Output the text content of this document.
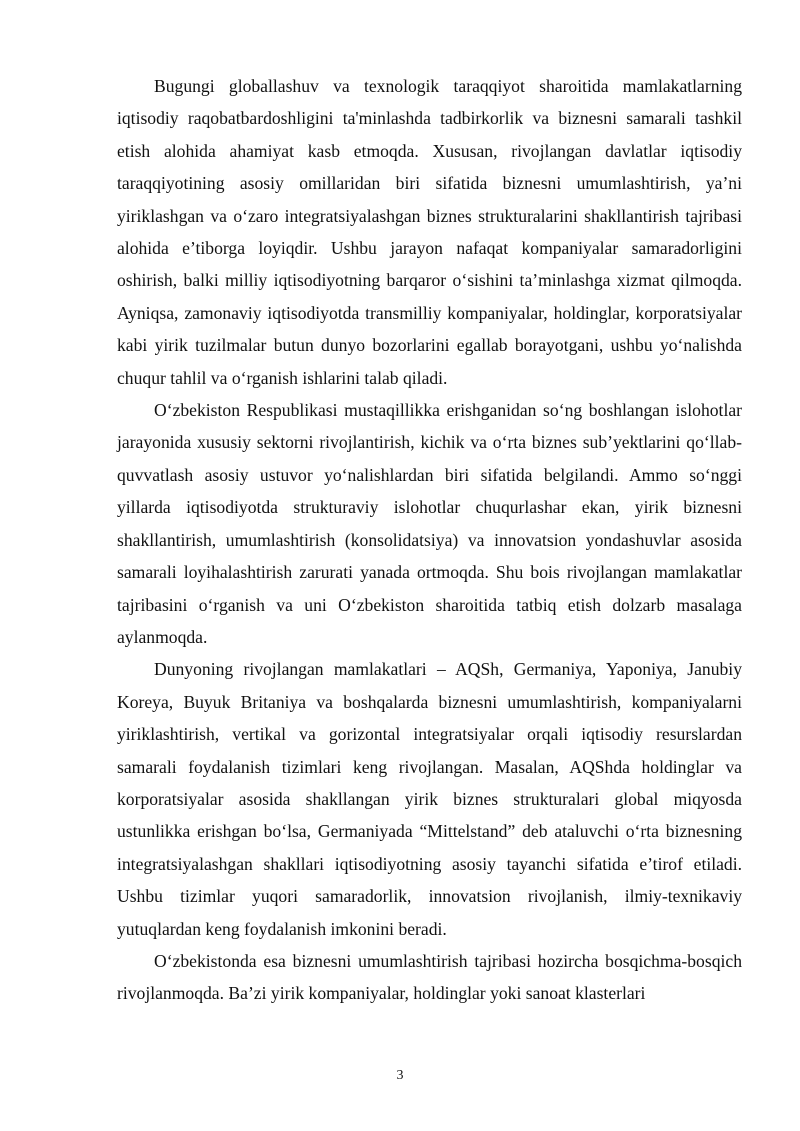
Bugungi globallashuv va texnologik taraqqiyot sharoitida mamlakatlarning iqtisodiy raqobatbardoshligini ta'minlashda tadbirkorlik va biznesni samarali tashkil etish alohida ahamiyat kasb etmoqda. Xususan, rivojlangan davlatlar iqtisodiy taraqqiyotining asosiy omillaridan biri sifatida biznesni umumlashtirish, ya’ni yiriklashgan va o‘zaro integratsiyalashgan biznes strukturalarini shakllantirish tajribasi alohida e’tiborga loyiqdir. Ushbu jarayon nafaqat kompaniyalar samaradorligini oshirish, balki milliy iqtisodiyotning barqaror o‘sishini ta’minlashga xizmat qilmoqda. Ayniqsa, zamonaviy iqtisodiyotda transmilliy kompaniyalar, holdinglar, korporatsiyalar kabi yirik tuzilmalar butun dunyo bozorlarini egallab borayotgani, ushbu yo‘nalishda chuqur tahlil va o‘rganish ishlarini talab qiladi.

O‘zbekiston Respublikasi mustaqillikka erishganidan so‘ng boshlangan islohotlar jarayonida xususiy sektorni rivojlantirish, kichik va o‘rta biznes sub’yektlarini qo‘llab-quvvatlash asosiy ustuvor yo‘nalishlardan biri sifatida belgilandi. Ammo so‘nggi yillarda iqtisodiyotda strukturaviy islohotlar chuqurlashar ekan, yirik biznesni shakllantirish, umumlashtirish (konsolidatsiya) va innovatsion yondashuvlar asosida samarali loyihalashtirish zarurati yanada ortmoqda. Shu bois rivojlangan mamlakatlar tajribasini o‘rganish va uni O‘zbekiston sharoitida tatbiq etish dolzarb masalaga aylanmoqda.

Dunyoning rivojlangan mamlakatlari – AQSh, Germaniya, Yaponiya, Janubiy Koreya, Buyuk Britaniya va boshqalarda biznesni umumlashtirish, kompaniyalarni yiriklashtirish, vertikal va gorizontal integratsiyalar orqali iqtisodiy resurslardan samarali foydalanish tizimlari keng rivojlangan. Masalan, AQShda holdinglar va korporatsiyalar asosida shakllangan yirik biznes strukturalari global miqyosda ustunlikka erishgan bo‘lsa, Germaniyada “Mittelstand” deb ataluvchi o‘rta biznesning integratsiyalashgan shakllari iqtisodiyotning asosiy tayanchi sifatida e’tirof etiladi. Ushbu tizimlar yuqori samaradorlik, innovatsion rivojlanish, ilmiy-texnikaviy yutuqlardan keng foydalanish imkonini beradi.

O‘zbekistonda esa biznesni umumlashtirish tajribasi hozircha bosqichma-bosqich rivojlanmoqda. Ba’zi yirik kompaniyalar, holdinglar yoki sanoat klasterlari

3
